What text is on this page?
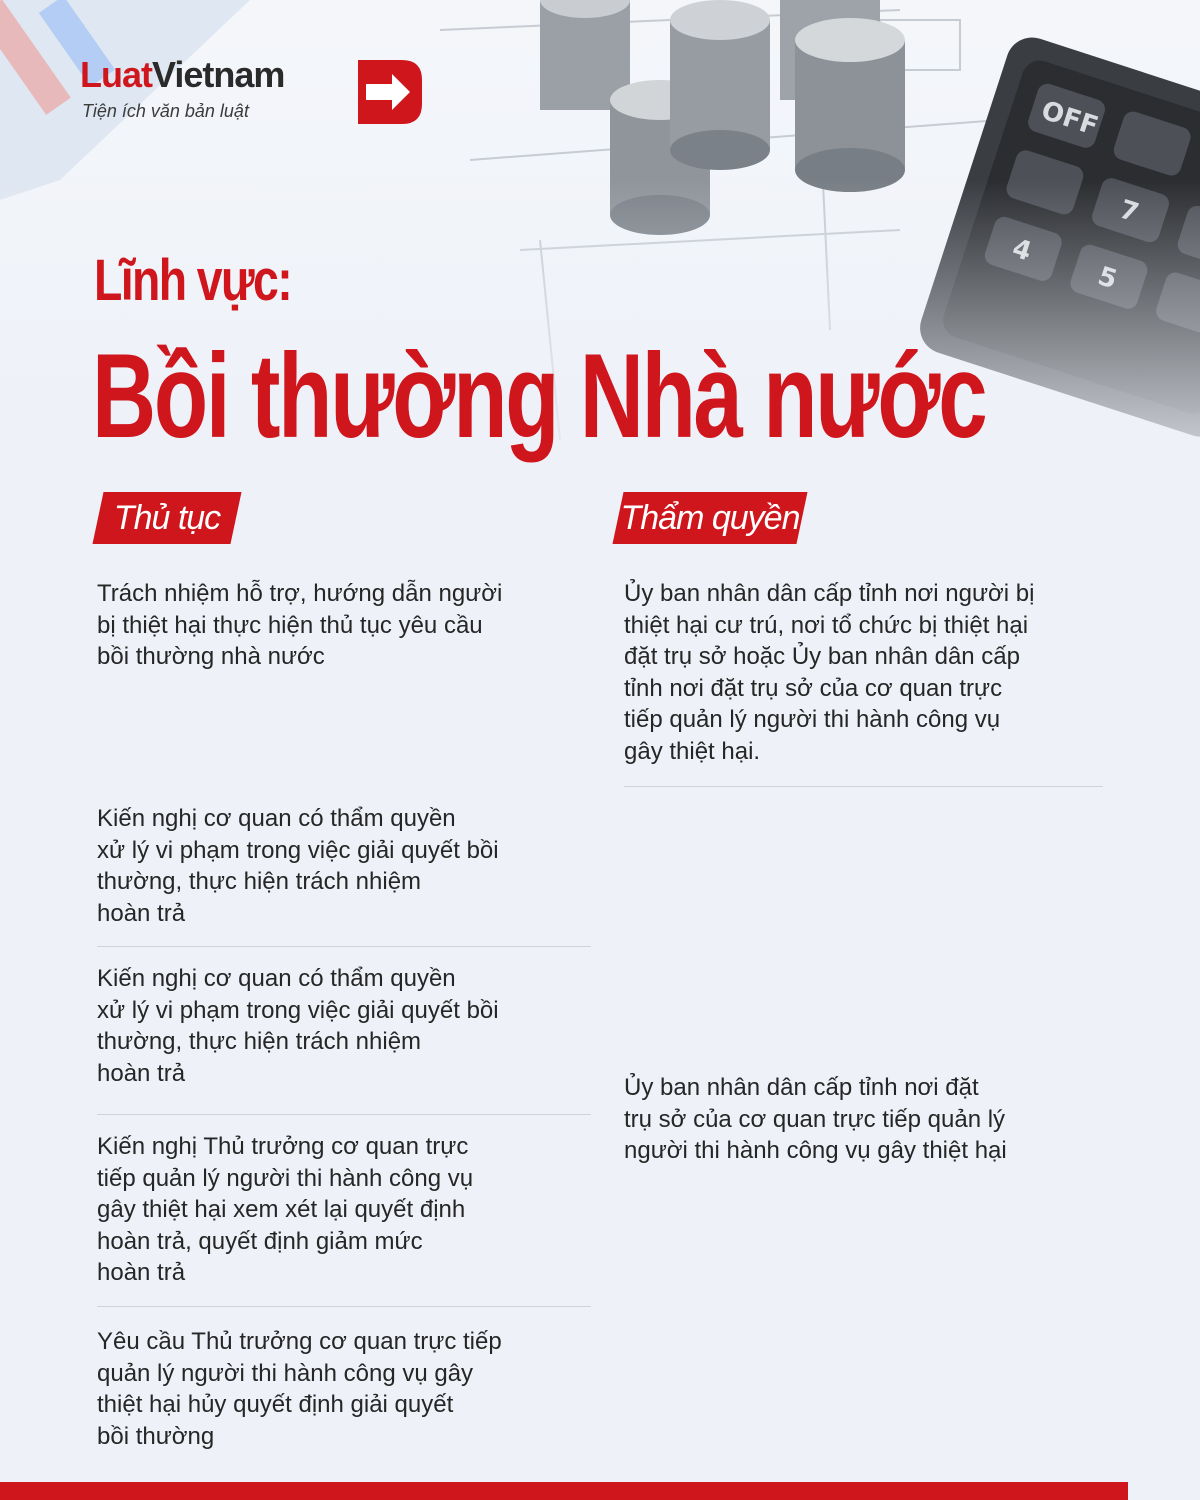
OFF
LuatVietnam
Tiện ích văn bản luật
Lĩnh vực:
Bồi thường Nhà nước
Thủ tục	Thẩm quyền
Trách nhiệm hỗ trợ, hướng dẫn người
bị thiệt hại thực hiện thủ tục yêu cầu
bồi thường nhà nước
Kiến nghị cơ quan có thẩm quyền
xử lý vi phạm trong việc giải quyết bồi
thường, thực hiện trách nhiệm
hoàn trả
Kiến nghị cơ quan có thẩm quyền
xử lý vi phạm trong việc giải quyết bồi
thường, thực hiện trách nhiệm
hoàn trả
Kiến nghị Thủ trưởng cơ quan trực
tiếp quản lý người thi hành công vụ
gây thiệt hại xem xét lại quyết định
hoàn trả, quyết định giảm mức
hoàn trả
Yêu cầu Thủ trưởng cơ quan trực tiếp
quản lý người thi hành công vụ gây
thiệt hại hủy quyết định giải quyết
bồi thường
Ủy ban nhân dân cấp tỉnh nơi người bị
thiệt hại cư trú, nơi tổ chức bị thiệt hại
đặt trụ sở hoặc Ủy ban nhân dân cấp
tỉnh nơi đặt trụ sở của cơ quan trực
tiếp quản lý người thi hành công vụ
gây thiệt hại.
Ủy ban nhân dân cấp tỉnh nơi đặt
trụ sở của cơ quan trực tiếp quản lý
người thi hành công vụ gây thiệt hại
